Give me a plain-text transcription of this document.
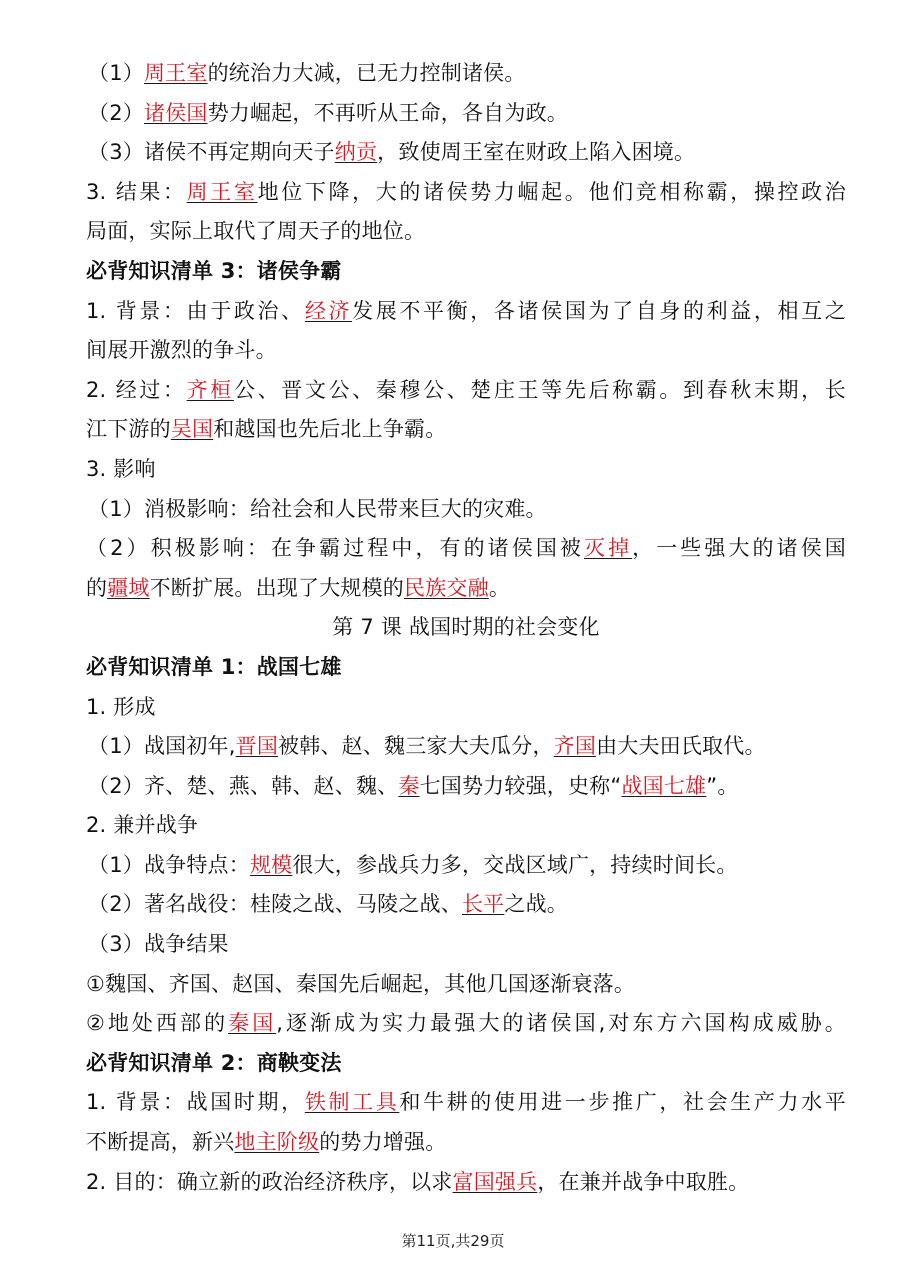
（1）周王室的统治力大减，已无力控制诸侯。
（2）诸侯国势力崛起，不再听从王命，各自为政。
（3）诸侯不再定期向天子纳贡，致使周王室在财政上陷入困境。
3. 结果：周王室地位下降，大的诸侯势力崛起。他们竞相称霸，操控政治
局面，实际上取代了周天子的地位。
必背知识清单 3：诸侯争霸
1. 背景：由于政治、经济发展不平衡，各诸侯国为了自身的利益，相互之
间展开激烈的争斗。
2. 经过：齐桓公、晋文公、秦穆公、楚庄王等先后称霸。到春秋末期，长
江下游的吴国和越国也先后北上争霸。
3. 影响
（1）消极影响：给社会和人民带来巨大的灾难。
（2）积极影响：在争霸过程中，有的诸侯国被灭掉，一些强大的诸侯国
的疆域不断扩展。出现了大规模的民族交融。
第 7 课 战国时期的社会变化
必背知识清单 1：战国七雄
1. 形成
（1）战国初年,晋国被韩、赵、魏三家大夫瓜分，齐国由大夫田氏取代。
（2）齐、楚、燕、韩、赵、魏、秦七国势力较强，史称“战国七雄”。
2. 兼并战争
（1）战争特点：规模很大，参战兵力多，交战区域广，持续时间长。
（2）著名战役：桂陵之战、马陵之战、长平之战。
（3）战争结果
①魏国、齐国、赵国、秦国先后崛起，其他几国逐渐衰落。
②地处西部的秦国,逐渐成为实力最强大的诸侯国,对东方六国构成威胁。
必背知识清单 2：商鞅变法
1. 背景：战国时期，铁制工具和牛耕的使用进一步推广，社会生产力水平
不断提高，新兴地主阶级的势力增强。
2. 目的：确立新的政治经济秩序，以求富国强兵，在兼并战争中取胜。
第11页,共29页
